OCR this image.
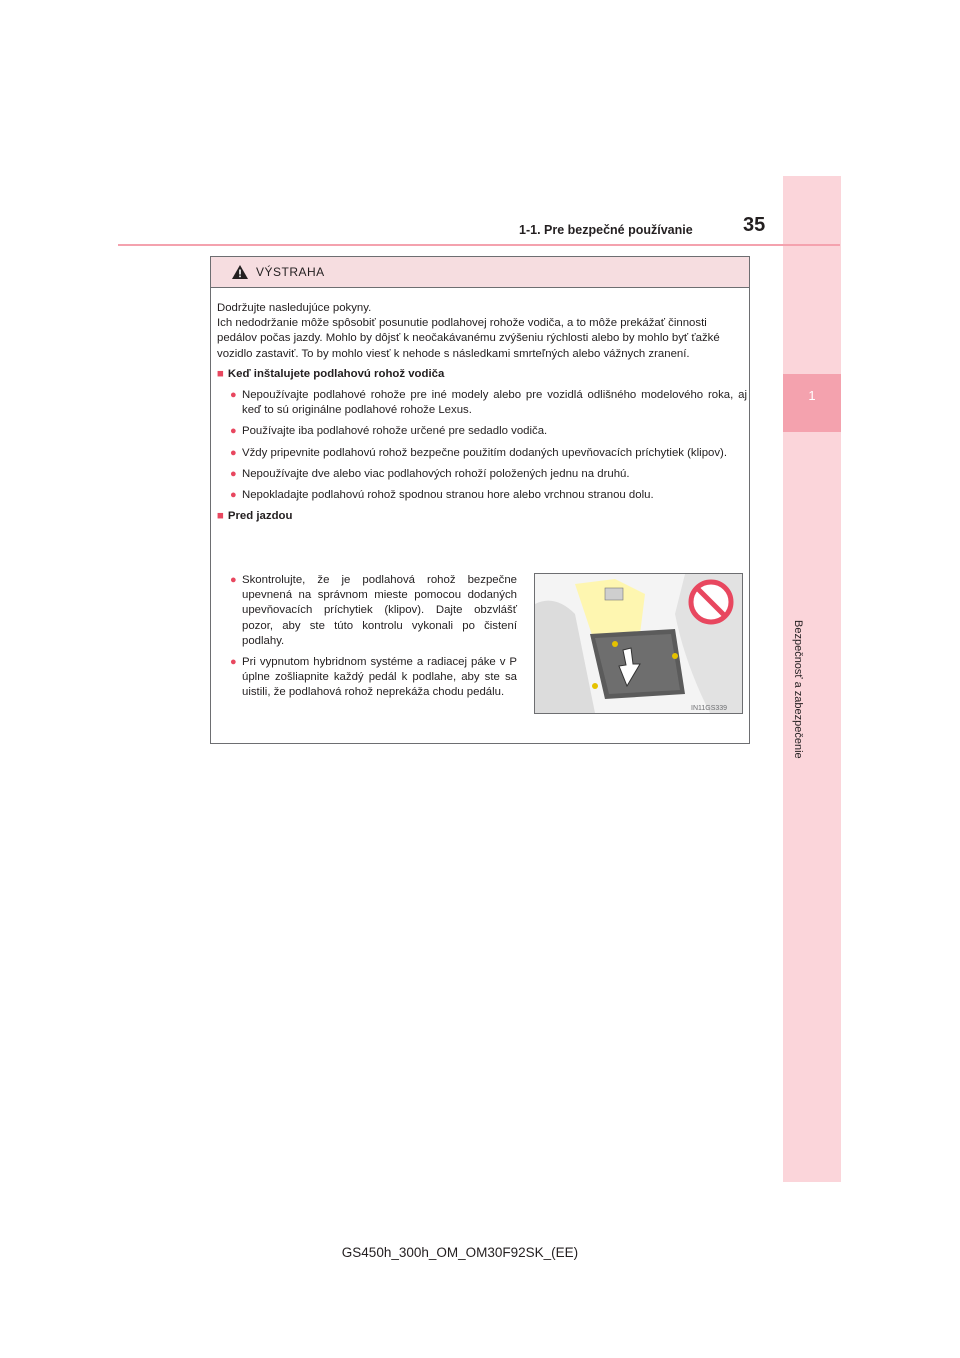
1
Bezpečnosť a zabezpečenie
1-1. Pre bezpečné používanie	35
VÝSTRAHA

Dodržujte nasledujúce pokyny.

Ich nedodržanie môže spôsobiť posunutie podlahovej rohože vodiča, a to môže prekážať činnosti pedálov počas jazdy. Mohlo by dôjsť k neočakávanému zvýšeniu rýchlosti alebo by mohlo byť ťažké vozidlo zastaviť. To by mohlo viesť k nehode s následkami smrteľných alebo vážnych zranení.

■ Keď inštalujete podlahovú rohož vodiča
● Nepoužívajte podlahové rohože pre iné modely alebo pre vozidlá odlišného modelového roka, aj keď to sú originálne podlahové rohože Lexus.
● Používajte iba podlahové rohože určené pre sedadlo vodiča.
● Vždy pripevnite podlahovú rohož bezpečne použitím dodaných upevňovacích príchytiek (klipov).
● Nepoužívajte dve alebo viac podlahových rohoží položených jednu na druhú.
● Nepokladajte podlahovú rohož spodnou stranou hore alebo vrchnou stranou dolu.
■ Pred jazdou
● Skontrolujte, že je podlahová rohož bezpečne upevnená na správnom mieste pomocou dodaných upevňovacích príchytiek (klipov). Dajte obzvlášť pozor, aby ste túto kontrolu vykonali po čistení podlahy.
● Pri vypnutom hybridnom systéme a radiacej páke v P úplne zošliapnite každý pedál k podlahe, aby ste sa uistili, že podlahová rohož neprekáža chodu pedálu.
IN11GS339
GS450h_300h_OM_OM30F92SK_(EE)
